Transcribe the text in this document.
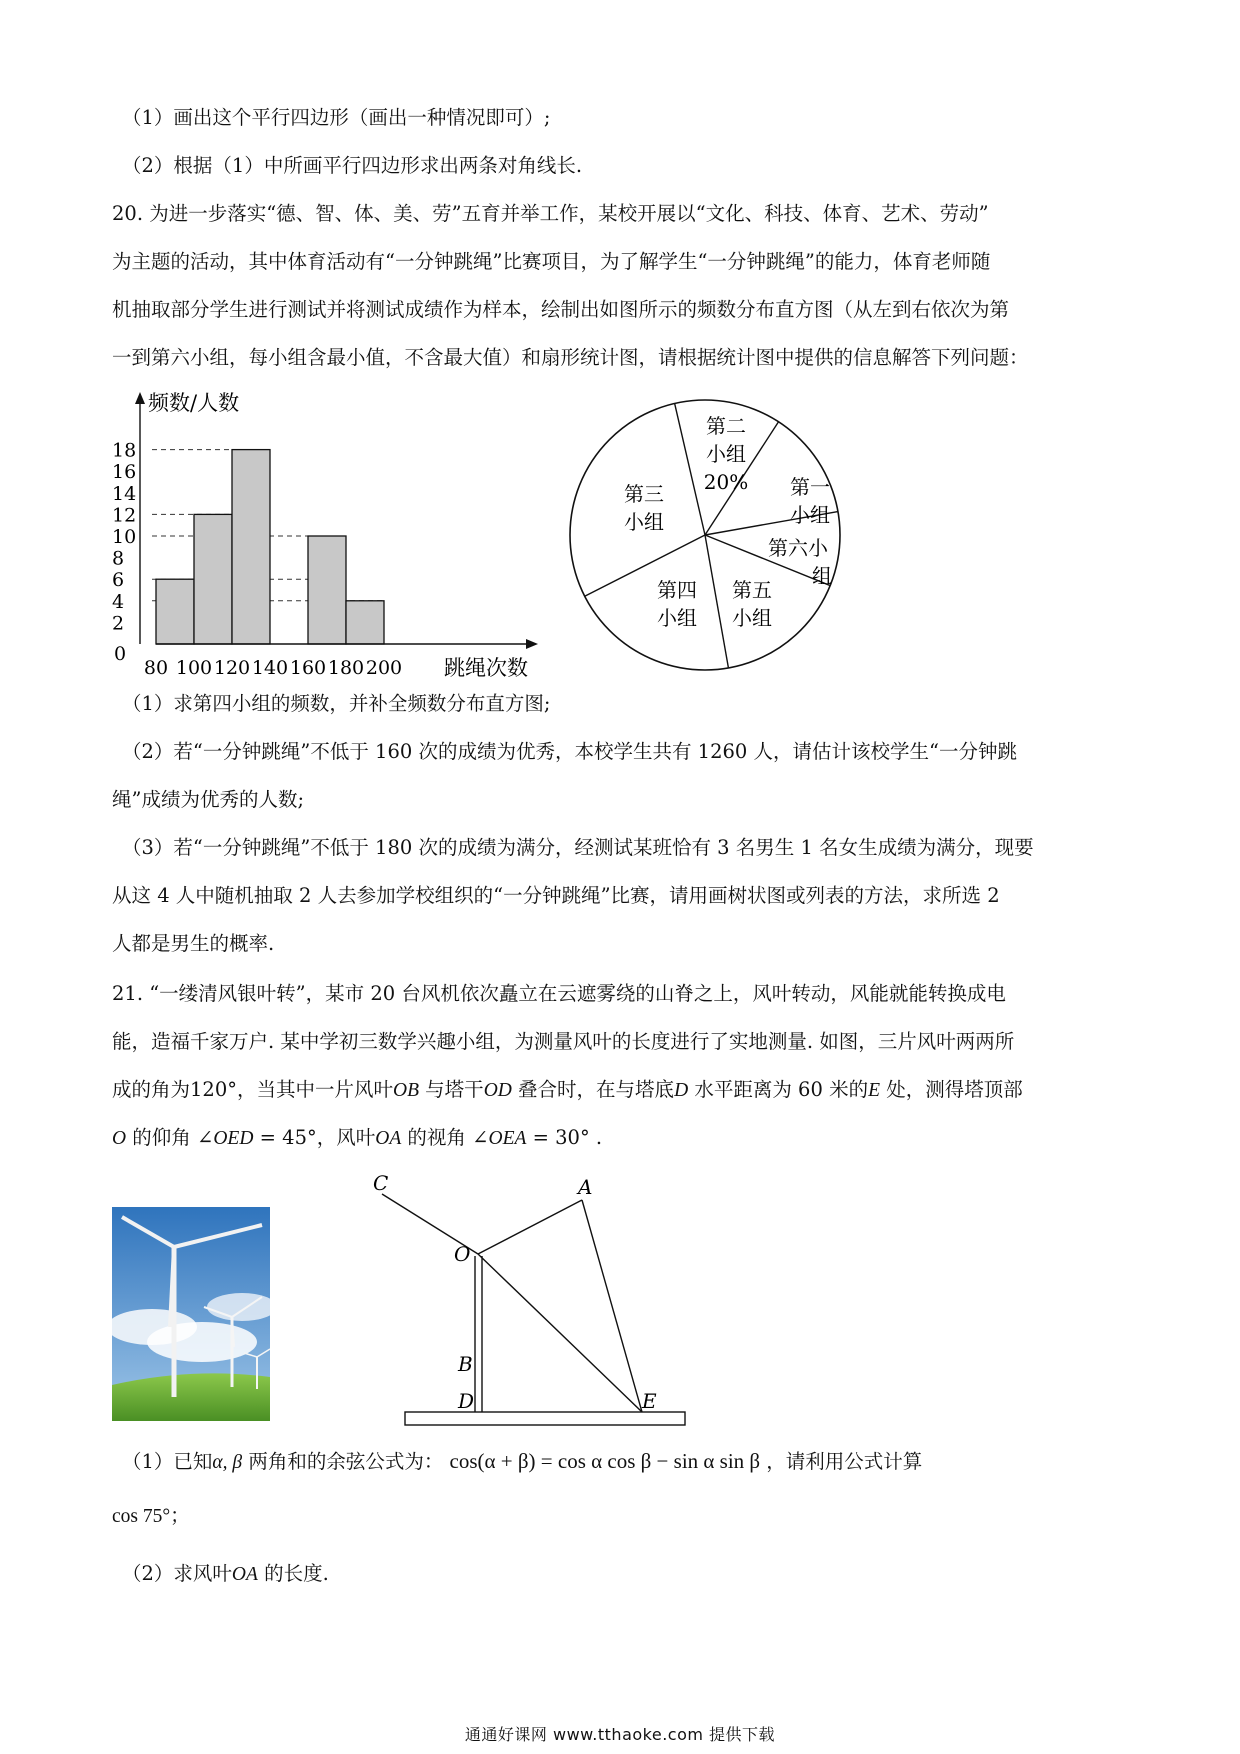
（1）画出这个平行四边形（画出一种情况即可）;
（2）根据（1）中所画平行四边形求出两条对角线长.
20. 为进一步落实“德、智、体、美、劳”五育并举工作，某校开展以“文化、科技、体育、艺术、劳动”
为主题的活动，其中体育活动有“一分钟跳绳”比赛项目，为了解学生“一分钟跳绳”的能力，体育老师随
机抽取部分学生进行测试并将测试成绩作为样本，绘制出如图所示的频数分布直方图（从左到右依次为第
一到第六小组，每小组含最小值，不含最大值）和扇形统计图，请根据统计图中提供的信息解答下列问题：
0
2
4
6
8
10
12
14
16
18
80 100 120 140 160 180 200
频数/人数
跳绳次数
第二
小组
20% 第一
小组
第三
小组
第六小
组
第四
小组
第五
小组
（1）求第四小组的频数，并补全频数分布直方图;
（2）若“一分钟跳绳”不低于 160 次的成绩为优秀，本校学生共有 1260 人，请估计该校学生“一分钟跳
绳”成绩为优秀的人数;
（3）若“一分钟跳绳”不低于 180 次的成绩为满分，经测试某班恰有 3 名男生 1 名女生成绩为满分，现要
从这 4 人中随机抽取 2 人去参加学校组织的“一分钟跳绳”比赛，请用画树状图或列表的方法，求所选 2
人都是男生的概率.
21. “一缕清风银叶转”，某市 20 台风机依次矗立在云遮雾绕的山脊之上，风叶转动，风能就能转换成电
能，造福千家万户. 某中学初三数学兴趣小组，为测量风叶的长度进行了实地测量. 如图，三片风叶两两所
成的角为120°，当其中一片风叶OB 与塔干OD 叠合时，在与塔底D 水平距离为 60 米的E 处，测得塔顶部
O 的仰角 ∠OED = 45°，风叶OA 的视角 ∠OEA = 30° .
C	A
O
B
D	E
（1）已知α, β 两角和的余弦公式为： cos(α + β) = cos α cos β − sin α sin β ，请利用公式计算
cos 75°；
（2）求风叶OA 的长度.
通通好课网 www.tthaoke.com 提供下载
